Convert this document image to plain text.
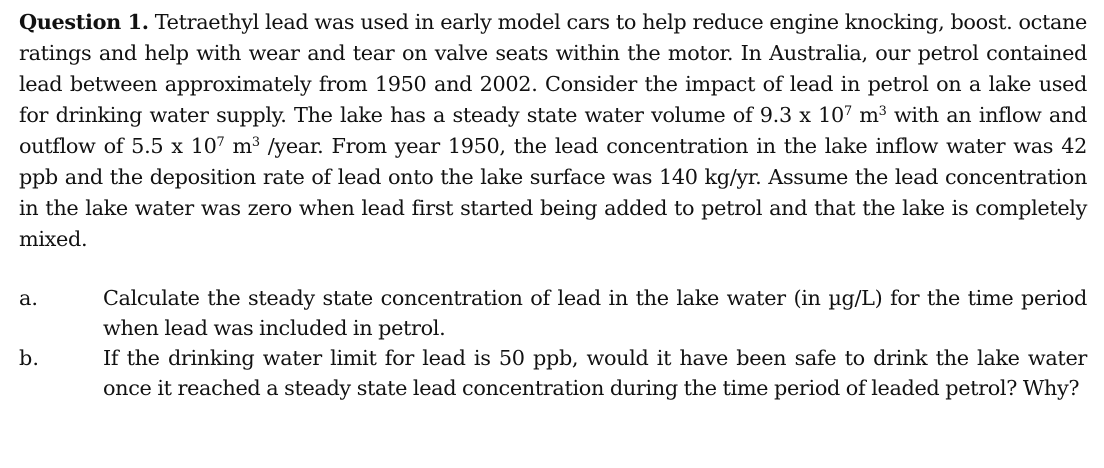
Question 1. Tetraethyl lead was used in early model cars to help reduce engine knocking, boost. octane ratings and help with wear and tear on valve seats within the motor. In Australia, our petrol contained lead between approximately from 1950 and 2002. Consider the impact of lead in petrol on a lake used for drinking water supply. The lake has a steady state water volume of 9.3 x $10^7$ $m^3$ with an inflow and outflow of 5.5 x $10^7$ $m^3$ /year. From year 1950, the lead concentration in the lake inflow water was 42 ppb and the deposition rate of lead onto the lake surface was 140 kg/yr. Assume the lead concentration in the lake water was zero when lead first started being added to petrol and that the lake is completely mixed.

a.	Calculate the steady state concentration of lead in the lake water (in µg/L) for the time period when lead was included in petrol.
b.	If the drinking water limit for lead is 50 ppb, would it have been safe to drink the lake water once it reached a steady state lead concentration during the time period of leaded petrol? Why?
